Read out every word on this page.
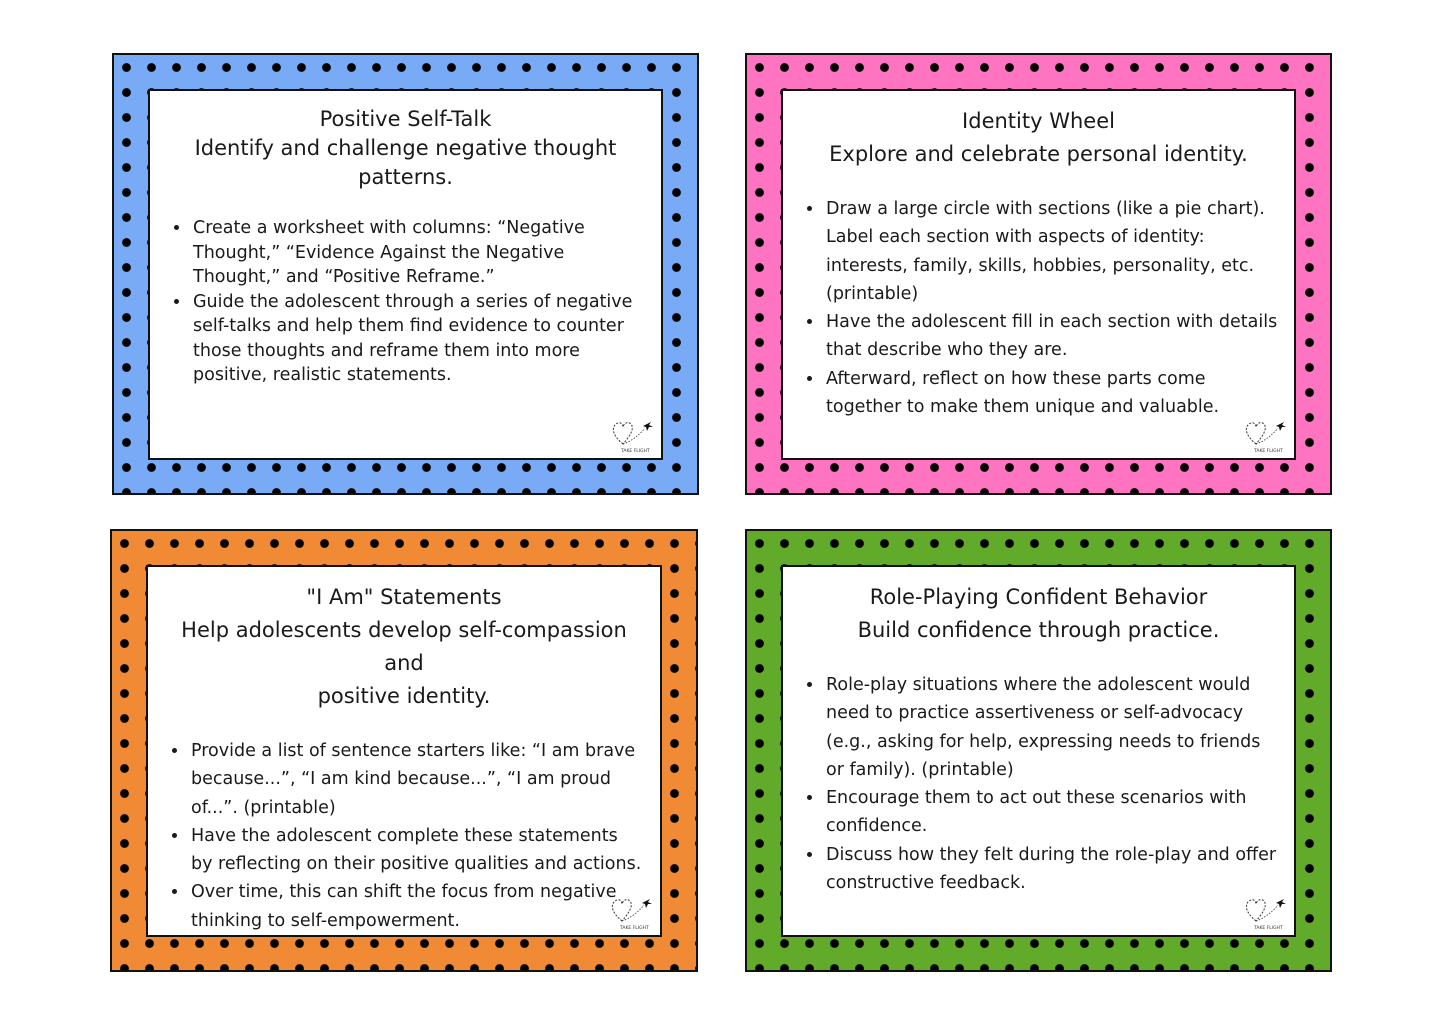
Positive Self-Talk
Identify and challenge negative thought
patterns.
• Create a worksheet with columns: “Negative Thought,” “Evidence Against the Negative Thought,” and “Positive Reframe.”
• Guide the adolescent through a series of negative self-talks and help them find evidence to counter those thoughts and reframe them into more positive, realistic statements.
TAKE FLIGHT
Identity Wheel
Explore and celebrate personal identity.
• Draw a large circle with sections (like a pie chart). Label each section with aspects of identity: interests, family, skills, hobbies, personality, etc. (printable)
• Have the adolescent fill in each section with details that describe who they are.
• Afterward, reflect on how these parts come together to make them unique and valuable.
TAKE FLIGHT
"I Am" Statements
Help adolescents develop self-compassion and
positive identity.
• Provide a list of sentence starters like: “I am brave because...”, “I am kind because...”, “I am proud of...”. (printable)
• Have the adolescent complete these statements by reflecting on their positive qualities and actions.
• Over time, this can shift the focus from negative thinking to self-empowerment.	TAKE FLIGHT
Role-Playing Confident Behavior
Build confidence through practice.
• Role-play situations where the adolescent would need to practice assertiveness or self-advocacy (e.g., asking for help, expressing needs to friends or family). (printable)
• Encourage them to act out these scenarios with confidence.
• Discuss how they felt during the role-play and offer constructive feedback.
TAKE FLIGHT
